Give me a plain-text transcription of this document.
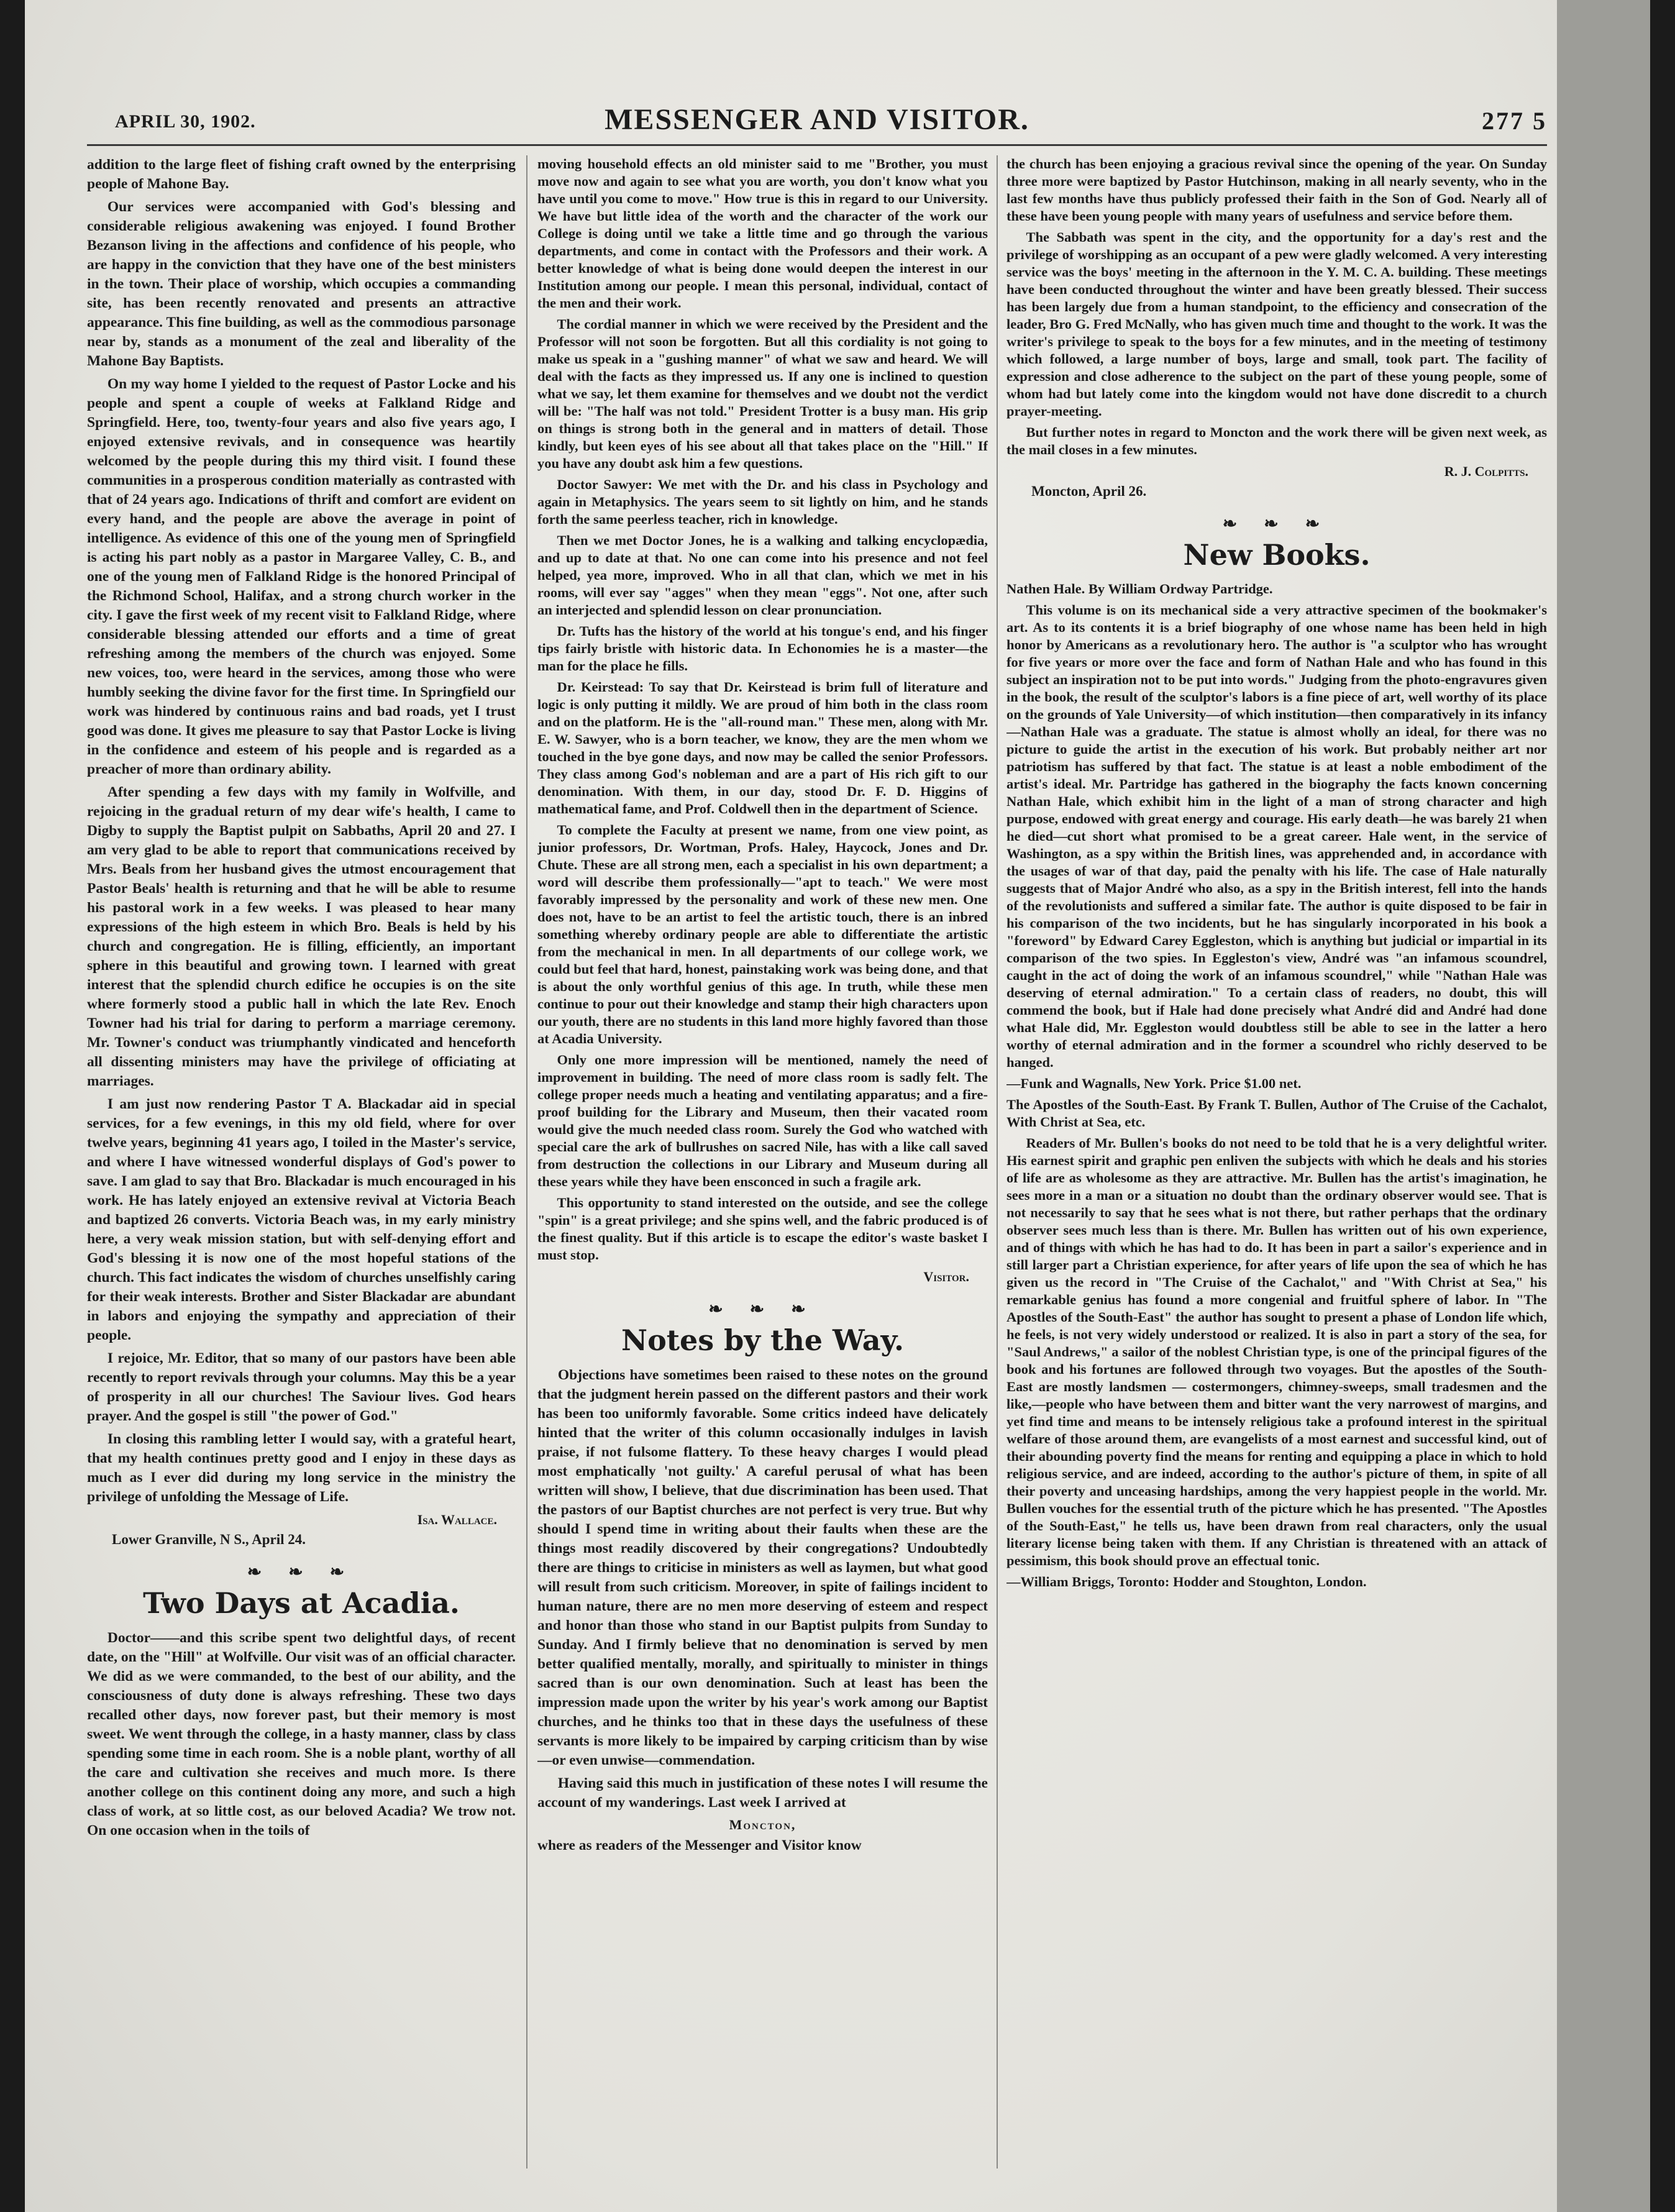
MESSENGER AND VISITOR.
APRIL 30, 1902.	277 5

addition to the large fleet of fishing craft owned by the enterprising people of Mahone Bay.

Our services were accompanied with God's blessing and considerable religious awakening was enjoyed. I found Brother Bezanson living in the affections and confidence of his people, who are happy in the conviction that they have one of the best ministers in the town. Their place of worship, which occupies a commanding site, has been recently renovated and presents an attractive appearance. This fine building, as well as the commodious parsonage near by, stands as a monument of the zeal and liberality of the Mahone Bay Baptists.

On my way home I yielded to the request of Pastor Locke and his people and spent a couple of weeks at Falkland Ridge and Springfield. Here, too, twenty-four years and also five years ago, I enjoyed extensive revivals, and in consequence was heartily welcomed by the people during this my third visit. I found these communities in a prosperous condition materially as contrasted with that of 24 years ago. Indications of thrift and comfort are evident on every hand, and the people are above the average in point of intelligence. As evidence of this one of the young men of Springfield is acting his part nobly as a pastor in Margaree Valley, C. B., and one of the young men of Falkland Ridge is the honored Principal of the Richmond School, Halifax, and a strong church worker in the city. I gave the first week of my recent visit to Falkland Ridge, where considerable blessing attended our efforts and a time of great refreshing among the members of the church was enjoyed. Some new voices, too, were heard in the services, among those who were humbly seeking the divine favor for the first time. In Springfield our work was hindered by continuous rains and bad roads, yet I trust good was done. It gives me pleasure to say that Pastor Locke is living in the confidence and esteem of his people and is regarded as a preacher of more than ordinary ability.

After spending a few days with my family in Wolfville, and rejoicing in the gradual return of my dear wife's health, I came to Digby to supply the Baptist pulpit on Sabbaths, April 20 and 27. I am very glad to be able to report that communications received by Mrs. Beals from her husband gives the utmost encouragement that Pastor Beals' health is returning and that he will be able to resume his pastoral work in a few weeks. I was pleased to hear many expressions of the high esteem in which Bro. Beals is held by his church and congregation. He is filling, efficiently, an important sphere in this beautiful and growing town. I learned with great interest that the splendid church edifice he occupies is on the site where formerly stood a public hall in which the late Rev. Enoch Towner had his trial for daring to perform a marriage ceremony. Mr. Towner's conduct was triumphantly vindicated and henceforth all dissenting ministers may have the privilege of officiating at marriages.

I am just now rendering Pastor T A. Blackadar aid in special services, for a few evenings, in this my old field, where for over twelve years, beginning 41 years ago, I toiled in the Master's service, and where I have witnessed wonderful displays of God's power to save. I am glad to say that Bro. Blackadar is much encouraged in his work. He has lately enjoyed an extensive revival at Victoria Beach and baptized 26 converts. Victoria Beach was, in my early ministry here, a very weak mission station, but with self-denying effort and God's blessing it is now one of the most hopeful stations of the church. This fact indicates the wisdom of churches unselfishly caring for their weak interests. Brother and Sister Blackadar are abundant in labors and enjoying the sympathy and appreciation of their people.

I rejoice, Mr. Editor, that so many of our pastors have been able recently to report revivals through your columns. May this be a year of prosperity in all our churches! The Saviour lives. God hears prayer. And the gospel is still "the power of God."

In closing this rambling letter I would say, with a grateful heart, that my health continues pretty good and I enjoy in these days as much as I ever did during my long service in the ministry the privilege of unfolding the Message of Life.

Isa. Wallace.
Lower Granville, N S., April 24.
❧ ❧ ❧
Two Days at Acadia.

Doctor——and this scribe spent two delightful days, of recent date, on the "Hill" at Wolfville. Our visit was of an official character. We did as we were commanded, to the best of our ability, and the consciousness of duty done is always refreshing. These two days recalled other days, now forever past, but their memory is most sweet. We went through the college, in a hasty manner, class by class spending some time in each room. She is a noble plant, worthy of all the care and cultivation she receives and much more. Is there another college on this continent doing any more, and such a high class of work, at so little cost, as our beloved Acadia? We trow not. On one occasion when in the toils of

moving household effects an old minister said to me "Brother, you must move now and again to see what you are worth, you don't know what you have until you come to move." How true is this in regard to our University. We have but little idea of the worth and the character of the work our College is doing until we take a little time and go through the various departments, and come in contact with the Professors and their work. A better knowledge of what is being done would deepen the interest in our Institution among our people. I mean this personal, individual, contact of the men and their work.

The cordial manner in which we were received by the President and the Professor will not soon be forgotten. But all this cordiality is not going to make us speak in a "gushing manner" of what we saw and heard. We will deal with the facts as they impressed us. If any one is inclined to question what we say, let them examine for themselves and we doubt not the verdict will be: "The half was not told." President Trotter is a busy man. His grip on things is strong both in the general and in matters of detail. Those kindly, but keen eyes of his see about all that takes place on the "Hill." If you have any doubt ask him a few questions.

Doctor Sawyer: We met with the Dr. and his class in Psychology and again in Metaphysics. The years seem to sit lightly on him, and he stands forth the same peerless teacher, rich in knowledge.

Then we met Doctor Jones, he is a walking and talking encyclopædia, and up to date at that. No one can come into his presence and not feel helped, yea more, improved. Who in all that clan, which we met in his rooms, will ever say "agges" when they mean "eggs". Not one, after such an interjected and splendid lesson on clear pronunciation.

Dr. Tufts has the history of the world at his tongue's end, and his finger tips fairly bristle with historic data. In Echonomies he is a master—the man for the place he fills.

Dr. Keirstead: To say that Dr. Keirstead is brim full of literature and logic is only putting it mildly. We are proud of him both in the class room and on the platform. He is the "all-round man." These men, along with Mr. E. W. Sawyer, who is a born teacher, we know, they are the men whom we touched in the bye gone days, and now may be called the senior Professors. They class among God's nobleman and are a part of His rich gift to our denomination. With them, in our day, stood Dr. F. D. Higgins of mathematical fame, and Prof. Coldwell then in the department of Science.

To complete the Faculty at present we name, from one view point, as junior professors, Dr. Wortman, Profs. Haley, Haycock, Jones and Dr. Chute. These are all strong men, each a specialist in his own department; a word will describe them professionally—"apt to teach." We were most favorably impressed by the personality and work of these new men. One does not, have to be an artist to feel the artistic touch, there is an inbred something whereby ordinary people are able to differentiate the artistic from the mechanical in men. In all departments of our college work, we could but feel that hard, honest, painstaking work was being done, and that is about the only worthful genius of this age. In truth, while these men continue to pour out their knowledge and stamp their high characters upon our youth, there are no students in this land more highly favored than those at Acadia University.

Only one more impression will be mentioned, namely the need of improvement in building. The need of more class room is sadly felt. The college proper needs much a heating and ventilating apparatus; and a fire-proof building for the Library and Museum, then their vacated room would give the much needed class room. Surely the God who watched with special care the ark of bullrushes on sacred Nile, has with a like call saved from destruction the collections in our Library and Museum during all these years while they have been ensconced in such a fragile ark.

This opportunity to stand interested on the outside, and see the college "spin" is a great privilege; and she spins well, and the fabric produced is of the finest quality. But if this article is to escape the editor's waste basket I must stop.

Visitor.
❧ ❧ ❧
Notes by the Way.

Objections have sometimes been raised to these notes on the ground that the judgment herein passed on the different pastors and their work has been too uniformly favorable. Some critics indeed have delicately hinted that the writer of this column occasionally indulges in lavish praise, if not fulsome flattery. To these heavy charges I would plead most emphatically 'not guilty.' A careful perusal of what has been written will show, I believe, that due discrimination has been used. That the pastors of our Baptist churches are not perfect is very true. But why should I spend time in writing about their faults when these are the things most readily discovered by their congregations? Undoubtedly there are things to criticise in ministers as well as laymen, but what good will result from such criticism. Moreover, in spite of failings incident to human nature, there are no men more deserving of esteem and respect and honor than those who stand in our Baptist pulpits from Sunday to Sunday. And I firmly believe that no denomination is served by men better qualified mentally, morally, and spiritually to minister in things sacred than is our own denomination. Such at least has been the impression made upon the writer by his year's work among our Baptist churches, and he thinks too that in these days the usefulness of these servants is more likely to be impaired by carping criticism than by wise—or even unwise—commendation.

Having said this much in justification of these notes I will resume the account of my wanderings. Last week I arrived at

Moncton,

where as readers of the Messenger and Visitor know

the church has been enjoying a gracious revival since the opening of the year. On Sunday three more were baptized by Pastor Hutchinson, making in all nearly seventy, who in the last few months have thus publicly professed their faith in the Son of God. Nearly all of these have been young people with many years of usefulness and service before them.

The Sabbath was spent in the city, and the opportunity for a day's rest and the privilege of worshipping as an occupant of a pew were gladly welcomed. A very interesting service was the boys' meeting in the afternoon in the Y. M. C. A. building. These meetings have been conducted throughout the winter and have been greatly blessed. Their success has been largely due from a human standpoint, to the efficiency and consecration of the leader, Bro G. Fred McNally, who has given much time and thought to the work. It was the writer's privilege to speak to the boys for a few minutes, and in the meeting of testimony which followed, a large number of boys, large and small, took part. The facility of expression and close adherence to the subject on the part of these young people, some of whom had but lately come into the kingdom would not have done discredit to a church prayer-meeting.

But further notes in regard to Moncton and the work there will be given next week, as the mail closes in a few minutes.

R. J. Colpitts.
Moncton, April 26.
❧ ❧ ❧
New Books.

Nathen Hale. By William Ordway Partridge.

This volume is on its mechanical side a very attractive specimen of the bookmaker's art. As to its contents it is a brief biography of one whose name has been held in high honor by Americans as a revolutionary hero. The author is "a sculptor who has wrought for five years or more over the face and form of Nathan Hale and who has found in this subject an inspiration not to be put into words." Judging from the photo-engravures given in the book, the result of the sculptor's labors is a fine piece of art, well worthy of its place on the grounds of Yale University—of which institution—then comparatively in its infancy—Nathan Hale was a graduate. The statue is almost wholly an ideal, for there was no picture to guide the artist in the execution of his work. But probably neither art nor patriotism has suffered by that fact. The statue is at least a noble embodiment of the artist's ideal. Mr. Partridge has gathered in the biography the facts known concerning Nathan Hale, which exhibit him in the light of a man of strong character and high purpose, endowed with great energy and courage. His early death—he was barely 21 when he died—cut short what promised to be a great career. Hale went, in the service of Washington, as a spy within the British lines, was apprehended and, in accordance with the usages of war of that day, paid the penalty with his life. The case of Hale naturally suggests that of Major André who also, as a spy in the British interest, fell into the hands of the revolutionists and suffered a similar fate. The author is quite disposed to be fair in his comparison of the two incidents, but he has singularly incorporated in his book a "foreword" by Edward Carey Eggleston, which is anything but judicial or impartial in its comparison of the two spies. In Eggleston's view, André was "an infamous scoundrel, caught in the act of doing the work of an infamous scoundrel," while "Nathan Hale was deserving of eternal admiration." To a certain class of readers, no doubt, this will commend the book, but if Hale had done precisely what André did and André had done what Hale did, Mr. Eggleston would doubtless still be able to see in the latter a hero worthy of eternal admiration and in the former a scoundrel who richly deserved to be hanged.

—Funk and Wagnalls, New York. Price $1.00 net.

The Apostles of the South-East. By Frank T. Bullen, Author of The Cruise of the Cachalot, With Christ at Sea, etc.

Readers of Mr. Bullen's books do not need to be told that he is a very delightful writer. His earnest spirit and graphic pen enliven the subjects with which he deals and his stories of life are as wholesome as they are attractive. Mr. Bullen has the artist's imagination, he sees more in a man or a situation no doubt than the ordinary observer would see. That is not necessarily to say that he sees what is not there, but rather perhaps that the ordinary observer sees much less than is there. Mr. Bullen has written out of his own experience, and of things with which he has had to do. It has been in part a sailor's experience and in still larger part a Christian experience, for after years of life upon the sea of which he has given us the record in "The Cruise of the Cachalot," and "With Christ at Sea," his remarkable genius has found a more congenial and fruitful sphere of labor. In "The Apostles of the South-East" the author has sought to present a phase of London life which, he feels, is not very widely understood or realized. It is also in part a story of the sea, for "Saul Andrews," a sailor of the noblest Christian type, is one of the principal figures of the book and his fortunes are followed through two voyages. But the apostles of the South-East are mostly landsmen — costermongers, chimney-sweeps, small tradesmen and the like,—people who have between them and bitter want the very narrowest of margins, and yet find time and means to be intensely religious take a profound interest in the spiritual welfare of those around them, are evangelists of a most earnest and successful kind, out of their abounding poverty find the means for renting and equipping a place in which to hold religious service, and are indeed, according to the author's picture of them, in spite of all their poverty and unceasing hardships, among the very happiest people in the world. Mr. Bullen vouches for the essential truth of the picture which he has presented. "The Apostles of the South-East," he tells us, have been drawn from real characters, only the usual literary license being taken with them. If any Christian is threatened with an attack of pessimism, this book should prove an effectual tonic.

—William Briggs, Toronto: Hodder and Stoughton, London.
